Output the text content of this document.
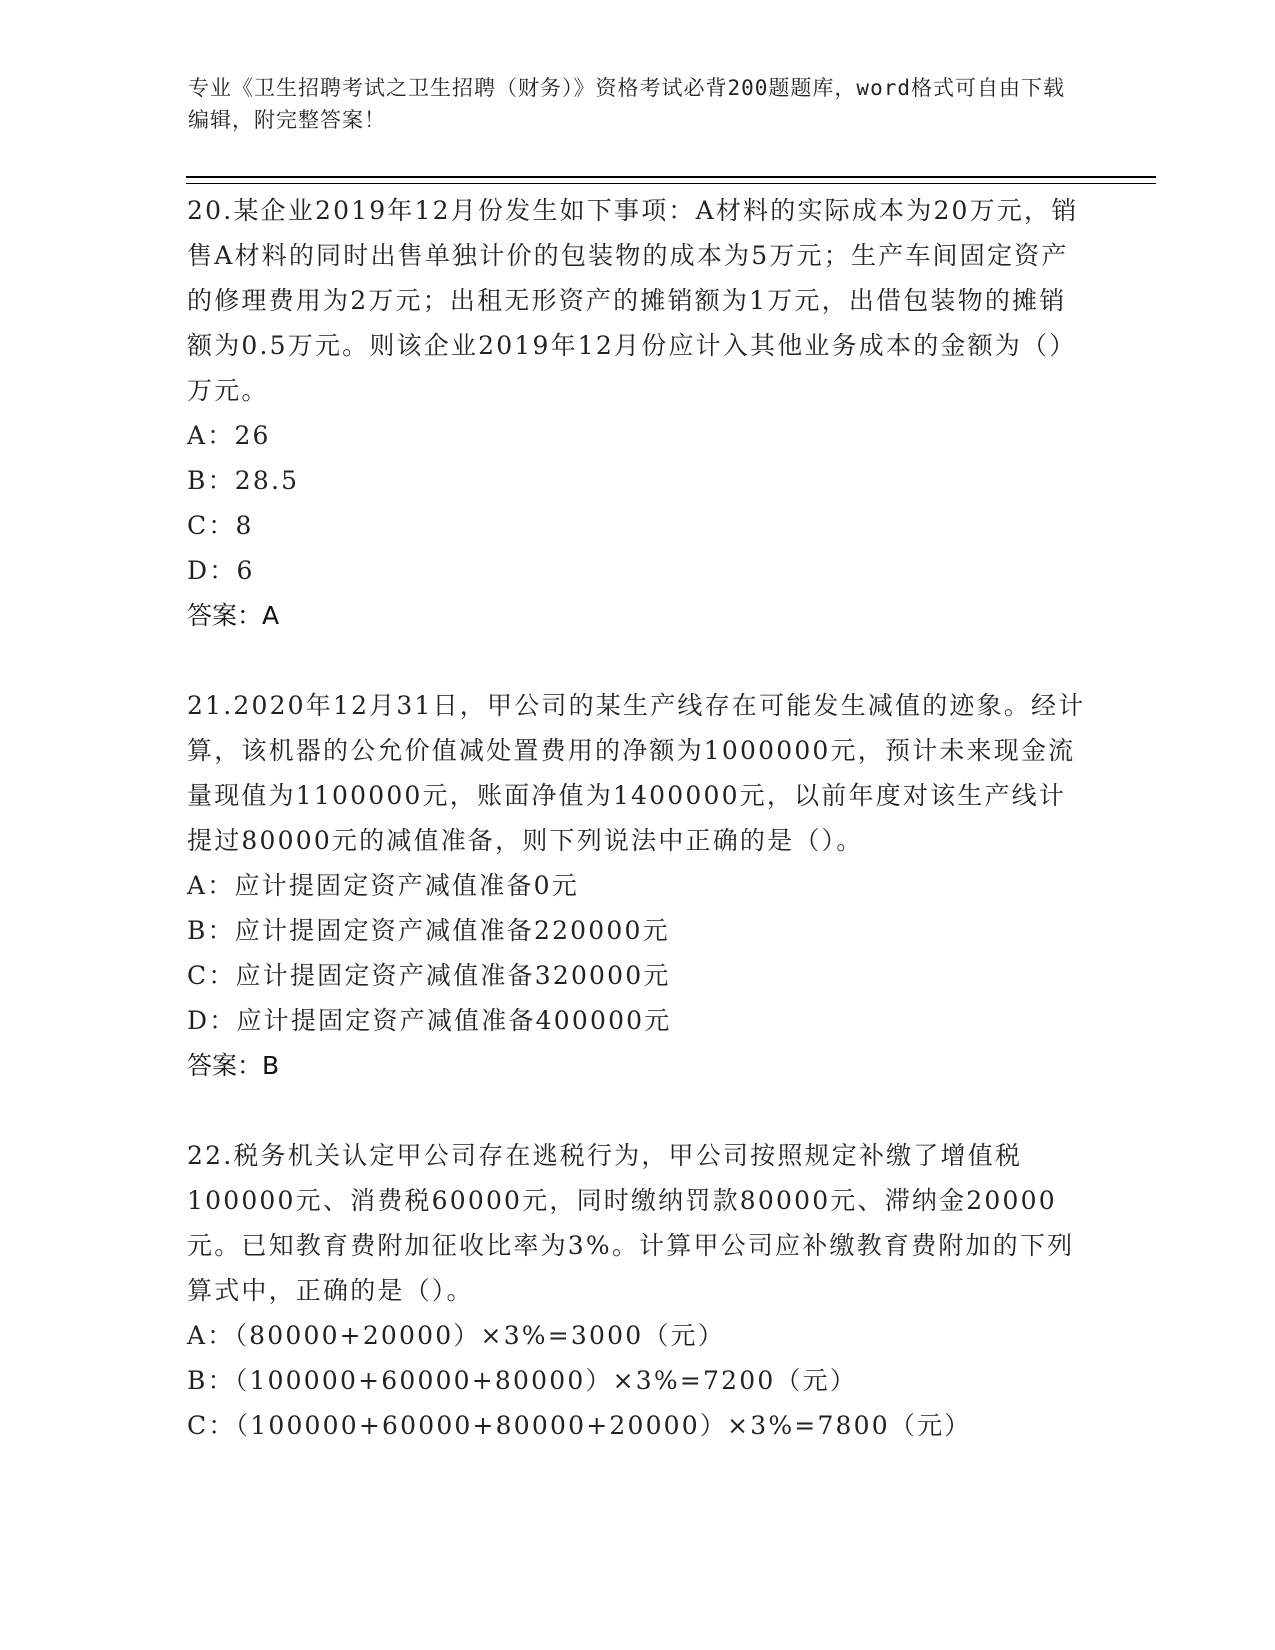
专业《卫生招聘考试之卫生招聘（财务）》资格考试必背200题题库，word格式可自由下载编辑，附完整答案！

20.某企业2019年12月份发生如下事项：A材料的实际成本为20万元，销售A材料的同时出售单独计价的包装物的成本为5万元；生产车间固定资产的修理费用为2万元；出租无形资产的摊销额为1万元，出借包装物的摊销额为0.5万元。则该企业2019年12月份应计入其他业务成本的金额为（）万元。

A：26

B：28.5

C：8

D：6

答案：A

21.2020年12月31日，甲公司的某生产线存在可能发生减值的迹象。经计算，该机器的公允价值减处置费用的净额为1000000元，预计未来现金流量现值为1100000元，账面净值为1400000元，以前年度对该生产线计提过80000元的减值准备，则下列说法中正确的是（）。

A：应计提固定资产减值准备0元

B：应计提固定资产减值准备220000元

C：应计提固定资产减值准备320000元

D：应计提固定资产减值准备400000元

答案：B

22.税务机关认定甲公司存在逃税行为，甲公司按照规定补缴了增值税100000元、消费税60000元，同时缴纳罚款80000元、滞纳金20000元。已知教育费附加征收比率为3%。计算甲公司应补缴教育费附加的下列算式中，正确的是（）。

A：（80000+20000）×3%=3000（元）

B：（100000+60000+80000）×3%=7200（元）

C：（100000+60000+80000+20000）×3%=7800（元）
